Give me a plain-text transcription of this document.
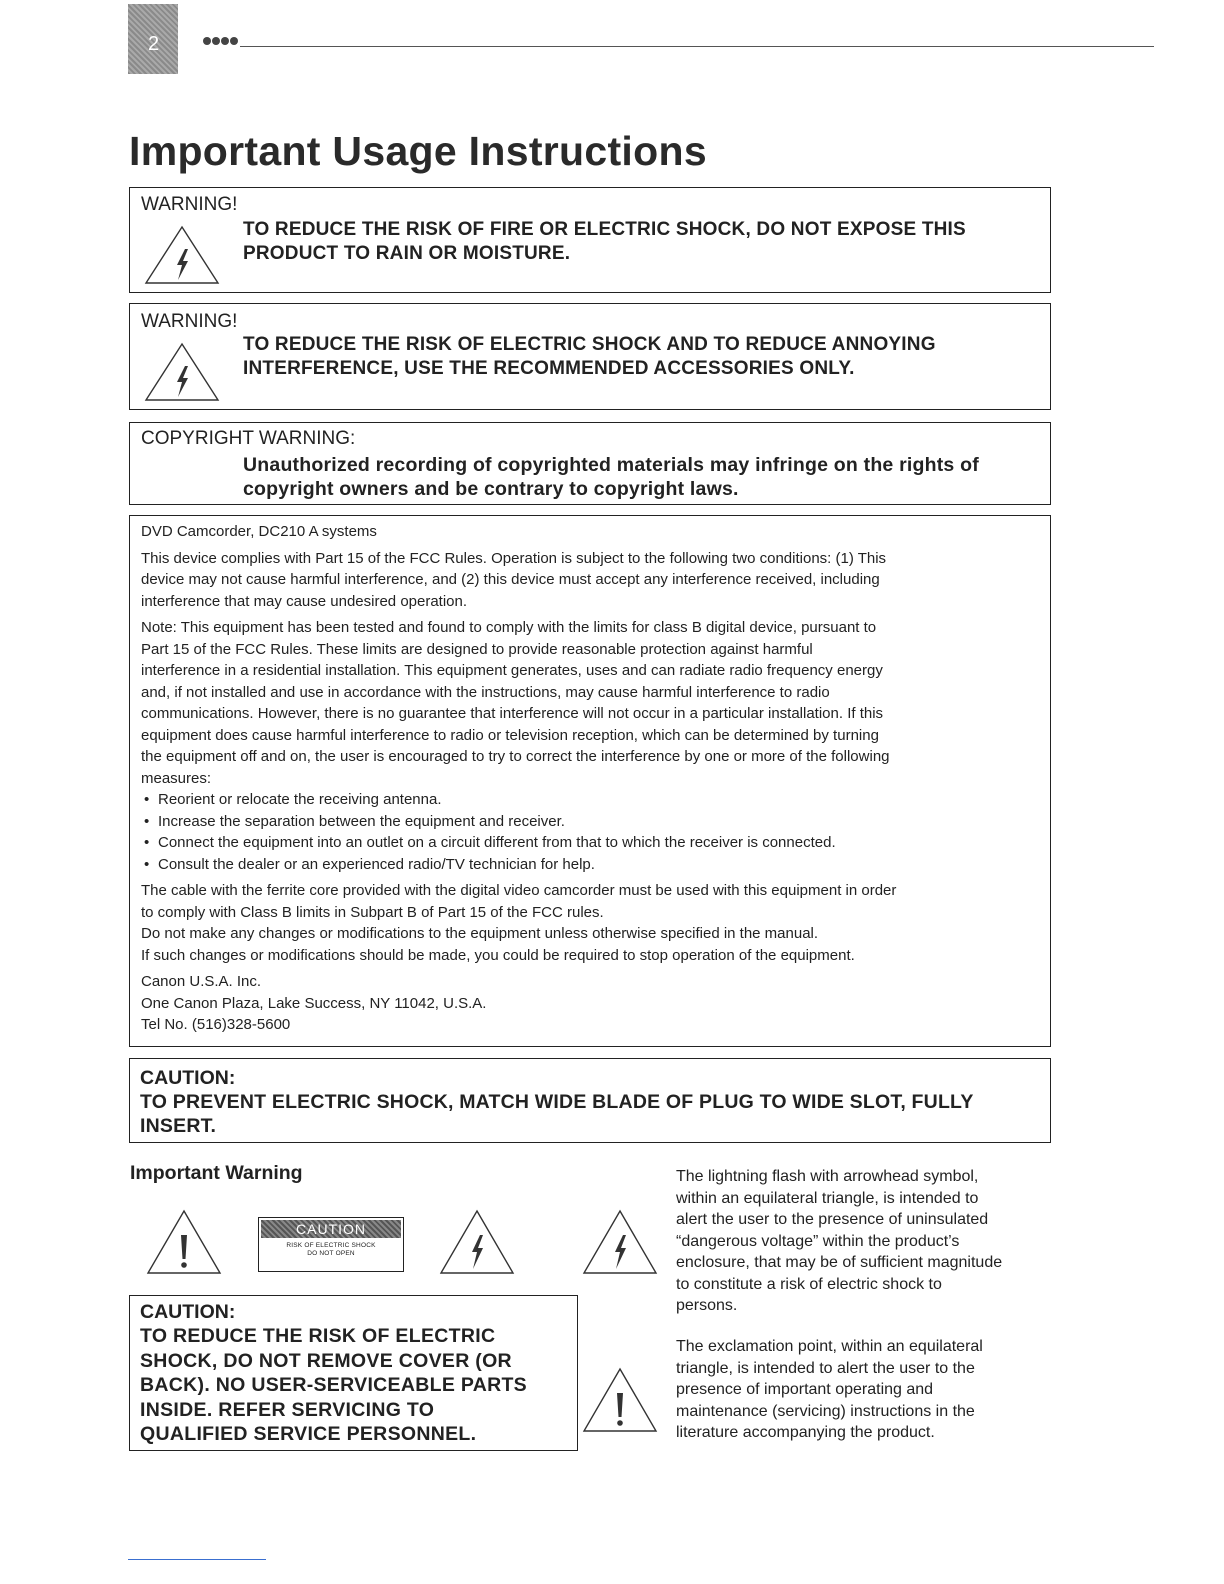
2
Important Usage Instructions
WARNING!
TO REDUCE THE RISK OF FIRE OR ELECTRIC SHOCK, DO NOT EXPOSE THIS
PRODUCT TO RAIN OR MOISTURE.
WARNING!
TO REDUCE THE RISK OF ELECTRIC SHOCK AND TO REDUCE ANNOYING
INTERFERENCE, USE THE RECOMMENDED ACCESSORIES ONLY.
COPYRIGHT WARNING:
Unauthorized recording of copyrighted materials may infringe on the rights of
copyright owners and be contrary to copyright laws.

DVD Camcorder, DC210 A systems

This device complies with Part 15 of the FCC Rules. Operation is subject to the following two conditions: (1) This
device may not cause harmful interference, and (2) this device must accept any interference received, including
interference that may cause undesired operation.

Note: This equipment has been tested and found to comply with the limits for class B digital device, pursuant to
Part 15 of the FCC Rules. These limits are designed to provide reasonable protection against harmful
interference in a residential installation. This equipment generates, uses and can radiate radio frequency energy
and, if not installed and use in accordance with the instructions, may cause harmful interference to radio
communications. However, there is no guarantee that interference will not occur in a particular installation. If this
equipment does cause harmful interference to radio or television reception, which can be determined by turning
the equipment off and on, the user is encouraged to try to correct the interference by one or more of the following
measures:

• Reorient or relocate the receiving antenna.
• Increase the separation between the equipment and receiver.
• Connect the equipment into an outlet on a circuit different from that to which the receiver is connected.
• Consult the dealer or an experienced radio/TV technician for help.

The cable with the ferrite core provided with the digital video camcorder must be used with this equipment in order
to comply with Class B limits in Subpart B of Part 15 of the FCC rules.
Do not make any changes or modifications to the equipment unless otherwise specified in the manual.
If such changes or modifications should be made, you could be required to stop operation of the equipment.

Canon U.S.A. Inc.
One Canon Plaza, Lake Success, NY 11042, U.S.A.
Tel No. (516)328-5600

CAUTION:
TO PREVENT ELECTRIC SHOCK, MATCH WIDE BLADE OF PLUG TO WIDE SLOT, FULLY
INSERT.
Important Warning
CAUTION
RISK OF ELECTRIC SHOCK
DO NOT OPEN
CAUTION:
TO REDUCE THE RISK OF ELECTRIC
SHOCK, DO NOT REMOVE COVER (OR
BACK). NO USER-SERVICEABLE PARTS
INSIDE. REFER SERVICING TO
QUALIFIED SERVICE PERSONNEL.
The lightning flash with arrowhead symbol,
within an equilateral triangle, is intended to
alert the user to the presence of uninsulated
“dangerous voltage” within the product’s
enclosure, that may be of sufficient magnitude
to constitute a risk of electric shock to
persons.
The exclamation point, within an equilateral
triangle, is intended to alert the user to the
presence of important operating and
maintenance (servicing) instructions in the
literature accompanying the product.
